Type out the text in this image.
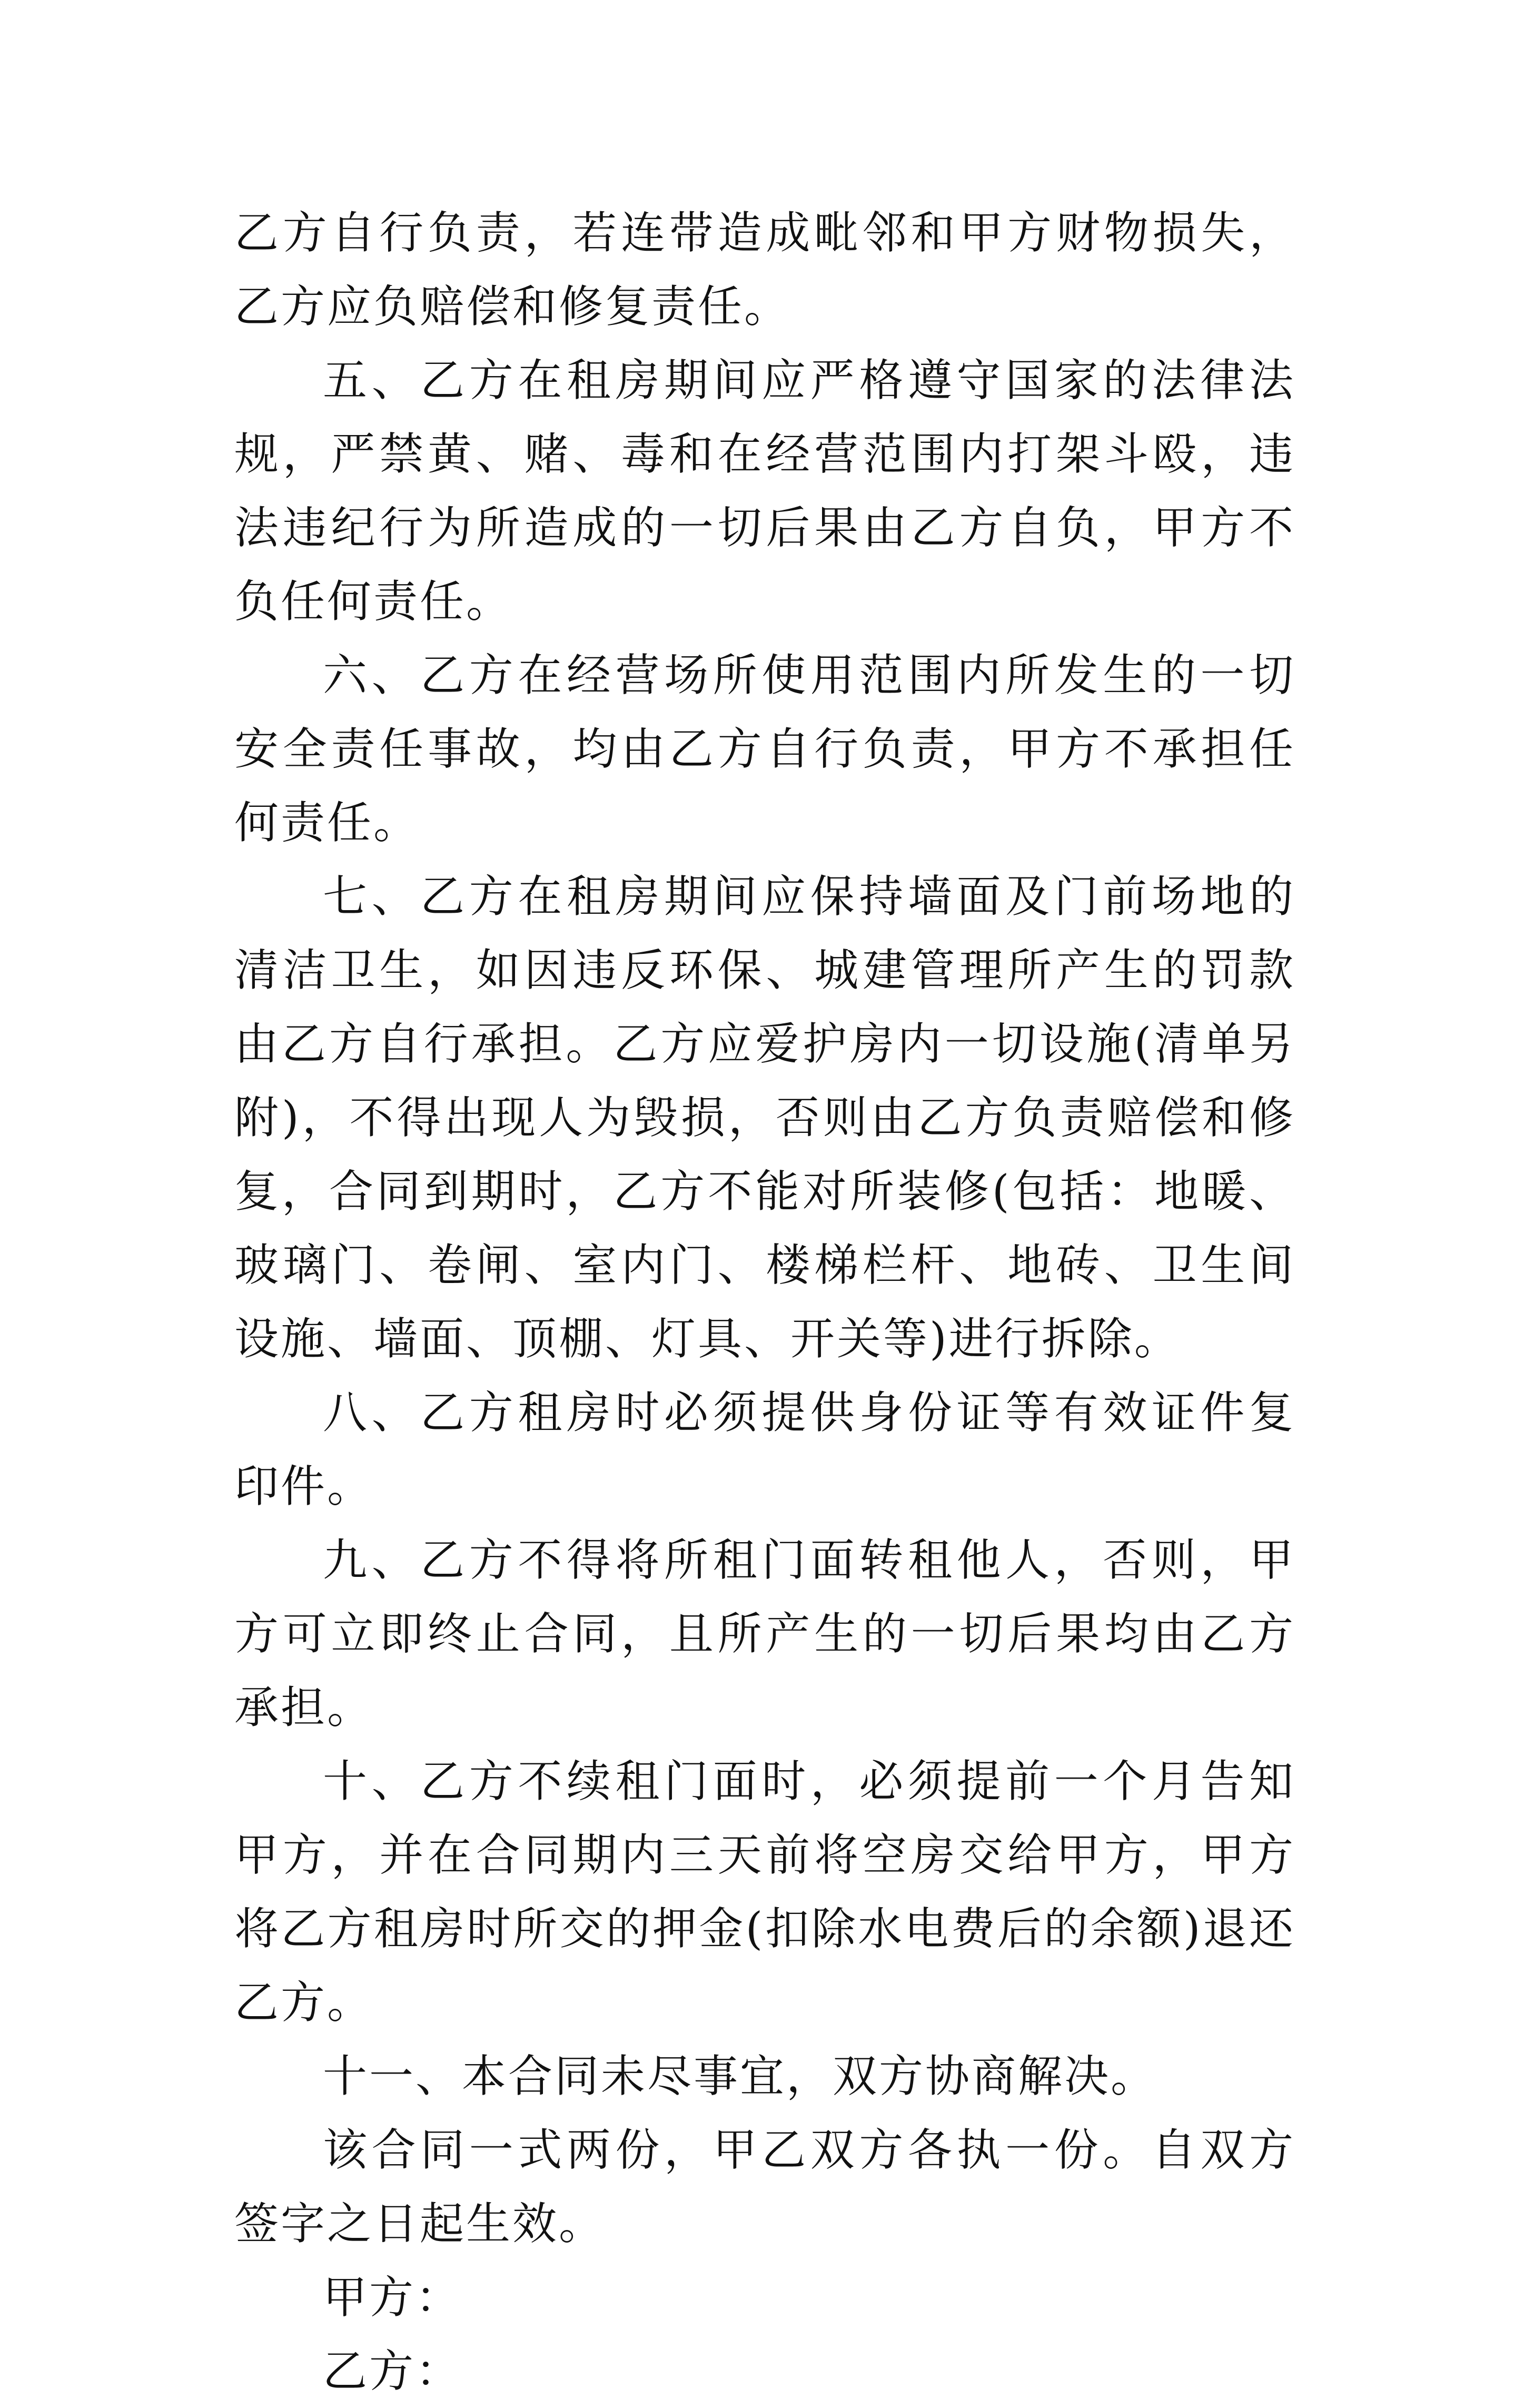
乙方自行负责，若连带造成毗邻和甲方财物损失，乙方应负赔偿和修复责任。

五、乙方在租房期间应严格遵守国家的法律法规，严禁黄、赌、毒和在经营范围内打架斗殴，违法违纪行为所造成的一切后果由乙方自负，甲方不负任何责任。

六、乙方在经营场所使用范围内所发生的一切安全责任事故，均由乙方自行负责，甲方不承担任何责任。

七、乙方在租房期间应保持墙面及门前场地的清洁卫生，如因违反环保、城建管理所产生的罚款由乙方自行承担。乙方应爱护房内一切设施(清单另附)，不得出现人为毁损，否则由乙方负责赔偿和修复，合同到期时，乙方不能对所装修(包括：地暖、玻璃门、卷闸、室内门、楼梯栏杆、地砖、卫生间设施、墙面、顶棚、灯具、开关等)进行拆除。

八、乙方租房时必须提供身份证等有效证件复印件。

九、乙方不得将所租门面转租他人，否则，甲方可立即终止合同，且所产生的一切后果均由乙方承担。

十、乙方不续租门面时，必须提前一个月告知甲方，并在合同期内三天前将空房交给甲方，甲方将乙方租房时所交的押金(扣除水电费后的余额)退还乙方。

十一、本合同未尽事宜，双方协商解决。

该合同一式两份，甲乙双方各执一份。自双方签字之日起生效。

甲方：

乙方：
